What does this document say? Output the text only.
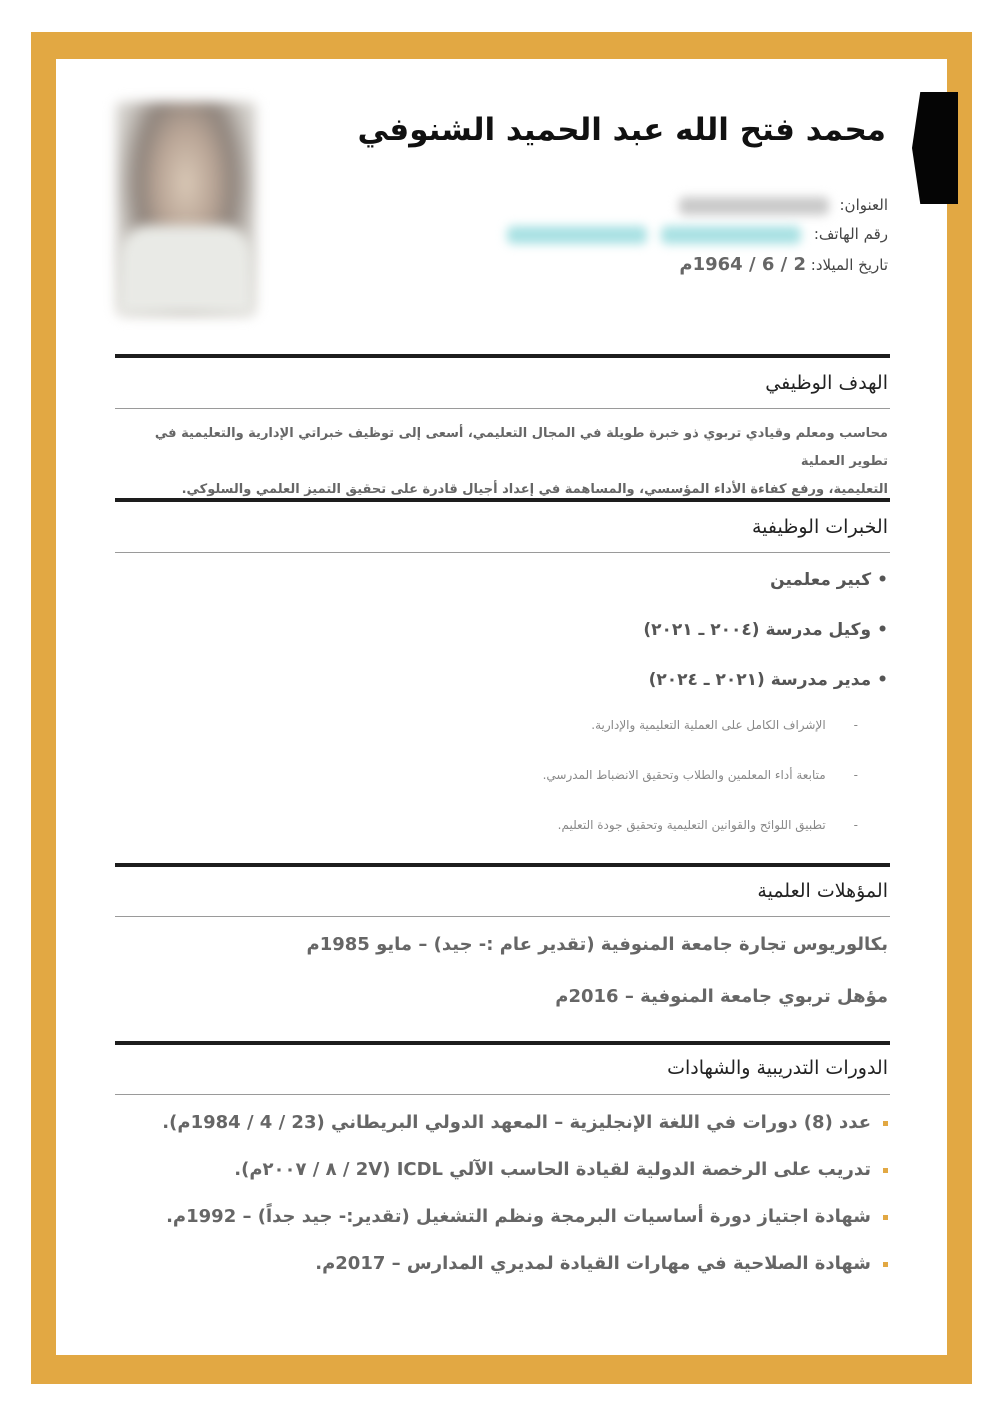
محمد فتح الله عبد الحميد الشنوفي
العنوان:
رقم الهاتف:
تاريخ الميلاد: 2 / 6 / 1964م
الهدف الوظيفي
محاسب ومعلم وقيادي تربوي ذو خبرة طويلة في المجال التعليمي، أسعى إلى توظيف خبراتي الإدارية والتعليمية في تطوير العملية
التعليمية، ورفع كفاءة الأداء المؤسسي، والمساهمة في إعداد أجيال قادرة على تحقيق التميز العلمي والسلوكي.
الخبرات الوظيفية
•كبير معلمين
•وكيل مدرسة (٢٠٠٤ ـ ٢٠٢١)
•مدير مدرسة (٢٠٢١ ـ ٢٠٢٤)
-الإشراف الكامل على العملية التعليمية والإدارية.
-متابعة أداء المعلمين والطلاب وتحقيق الانضباط المدرسي.
-تطبيق اللوائح والقوانين التعليمية وتحقيق جودة التعليم.
المؤهلات العلمية
بكالوريوس تجارة جامعة المنوفية (تقدير عام :- جيد) – مايو 1985م
مؤهل تربوي جامعة المنوفية – 2016م
الدورات التدريبية والشهادات
عدد (8) دورات في اللغة الإنجليزية – المعهد الدولي البريطاني (23 / 4 / 1984م).
تدريب على الرخصة الدولية لقيادة الحاسب الآلي ICDL (2V / ٨ / ٢٠٠٧م).
شهادة اجتياز دورة أساسيات البرمجة ونظم التشغيل (تقدير:- جيد جداً) – 1992م.
شهادة الصلاحية في مهارات القيادة لمديري المدارس – 2017م.
